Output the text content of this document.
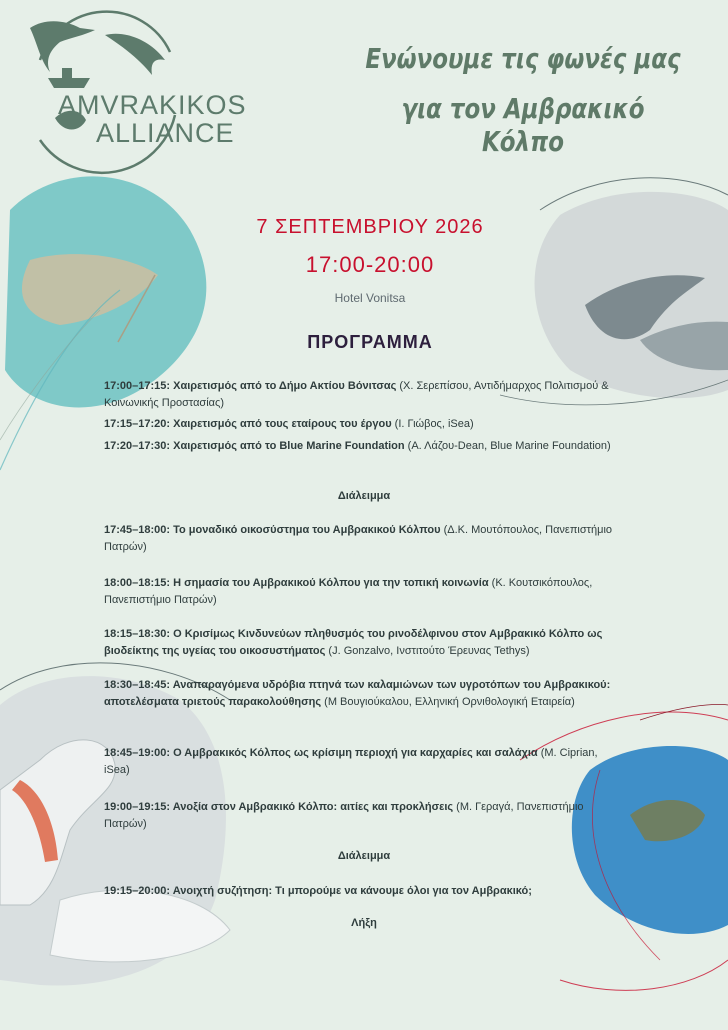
AMVRAKIKOS
ALLIANCE
Ενώνουμε τις φωνές μας
για τον Αμβρακικό Κόλπο
7 ΣΕΠΤΕΜΒΡΙΟΥ 2026
17:00-20:00
Hotel Vonitsa
ΠΡΟΓΡΑΜΜΑ
17:00–17:15: Χαιρετισμός από το Δήμο Ακτίου Βόνιτσας (Χ. Σερεπίσου, Αντιδήμαρχος Πολιτισμού & Κοινωνικής Προστασίας)
17:15–17:20: Χαιρετισμός από τους εταίρους του έργου (Ι. Γιώβος, iSea)
17:20–17:30: Χαιρετισμός από το Blue Marine Foundation (Α. Λάζου-Dean, Blue Marine Foundation)
Διάλειμμα
17:45–18:00: Το μοναδικό οικοσύστημα του Αμβρακικού Κόλπου (Δ.Κ. Μουτόπουλος, Πανεπιστήμιο Πατρών)
18:00–18:15: Η σημασία του Αμβρακικού Κόλπου για την τοπική κοινωνία (Κ. Κουτσικόπουλος, Πανεπιστήμιο Πατρών)
18:15–18:30: Ο Κρισίμως Κινδυνεύων πληθυσμός του ρινοδέλφινου στον Αμβρακικό Κόλπο ως βιοδείκτης της υγείας του οικοσυστήματος (J. Gonzalvo, Ινστιτούτο Έρευνας Tethys)
18:30–18:45: Αναπαραγόμενα υδρόβια πτηνά των καλαμιώνων των υγροτόπων του Αμβρακικού: αποτελέσματα τριετούς παρακολούθησης (Μ Βουγιούκαλου, Ελληνική Ορνιθολογική Εταιρεία)
18:45–19:00: Ο Αμβρακικός Κόλπος ως κρίσιμη περιοχή για καρχαρίες και σαλάχια (Μ. Ciprian, iSea)
19:00–19:15: Ανοξία στον Αμβρακικό Κόλπο: αιτίες και προκλήσεις (Μ. Γεραγά, Πανεπιστήμιο Πατρών)
Διάλειμμα
19:15–20:00: Ανοιχτή συζήτηση: Τι μπορούμε να κάνουμε όλοι για τον Αμβρακικό;
Λήξη
